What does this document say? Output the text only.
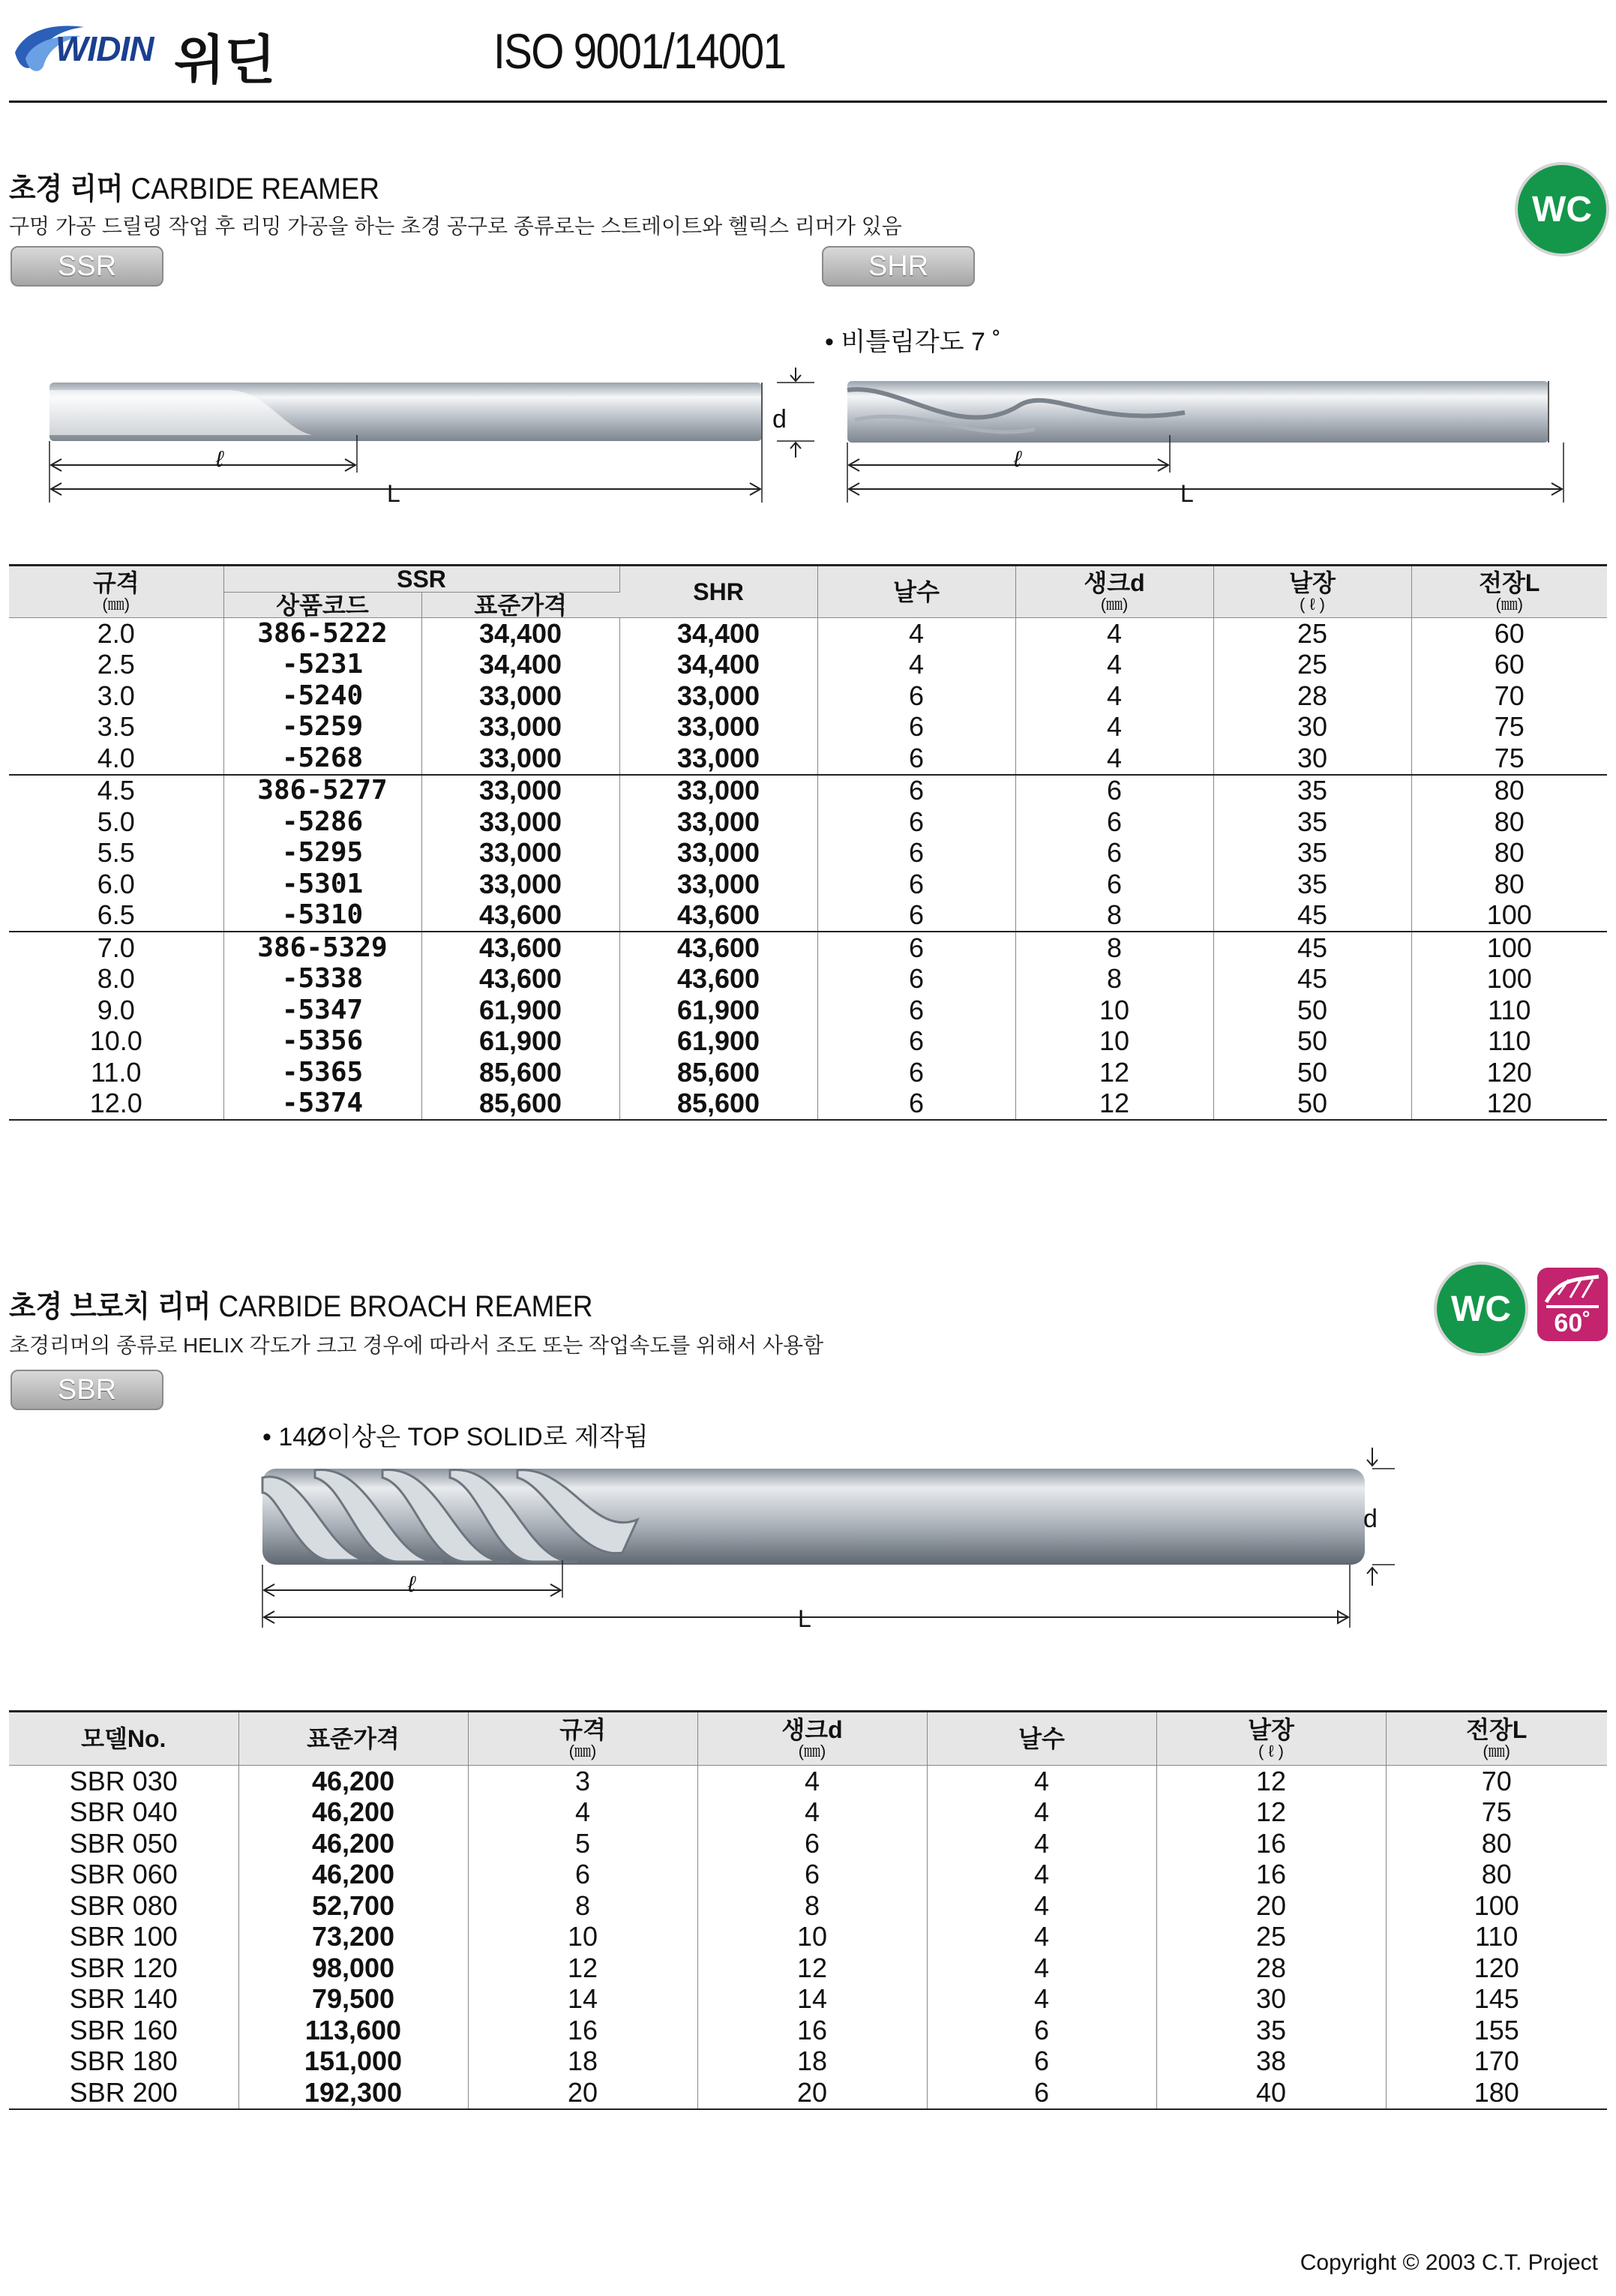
WIDIN 위딘	ISO 9001/14001
초경 리머 CARBIDE REAMER
구멍 가공 드릴링 작업 후 리밍 가공을 하는 초경 공구로 종류로는 스트레이트와 헬릭스 리머가 있음	WC
SSR	SHR
• 비틀림각도 7 ˚
d
ℓ
L
ℓ
L
규격
(㎜)	SSR		SHR	날수	생크d
(㎜)	날장
( ℓ )	전장L
(㎜)

	상품코드	표준가격					

2.0	386-5222	34,400	34,400	4	4	25	60
2.5	-5231	34,400	34,400	4	4	25	60
3.0	-5240	33,000	33,000	6	4	28	70
3.5	-5259	33,000	33,000	6	4	30	75
4.0	-5268	33,000	33,000	6	4	30	75
4.5	386-5277	33,000	33,000	6	6	35	80
5.0	-5286	33,000	33,000	6	6	35	80
5.5	-5295	33,000	33,000	6	6	35	80
6.0	-5301	33,000	33,000	6	6	35	80
6.5	-5310	43,600	43,600	6	8	45	100
7.0	386-5329	43,600	43,600	6	8	45	100
8.0	-5338	43,600	43,600	6	8	45	100
9.0	-5347	61,900	61,900	6	10	50	110
10.0	-5356	61,900	61,900	6	10	50	110
11.0	-5365	85,600	85,600	6	12	50	120
12.0	-5374	85,600	85,600	6	12	50	120
초경 브로치 리머 CARBIDE BROACH REAMER
초경리머의 종류로 HELIX 각도가 크고 경우에 따라서 조도 또는 작업속도를 위해서 사용함
WC	60˚
SBR
• 14Ø이상은 TOP SOLID로 제작됨
d
ℓ
L
모델No.	표준가격	규격
(㎜)	생크d
(㎜)	날수	날장
( ℓ )	전장L
(㎜)

SBR 030	46,200	3	4	4	12	70
SBR 040	46,200	4	4	4	12	75
SBR 050	46,200	5	6	4	16	80
SBR 060	46,200	6	6	4	16	80
SBR 080	52,700	8	8	4	20	100
SBR 100	73,200	10	10	4	25	110
SBR 120	98,000	12	12	4	28	120
SBR 140	79,500	14	14	4	30	145
SBR 160	113,600	16	16	6	35	155
SBR 180	151,000	18	18	6	38	170
SBR 200	192,300	20	20	6	40	180
Copyright © 2003 C.T. Project
